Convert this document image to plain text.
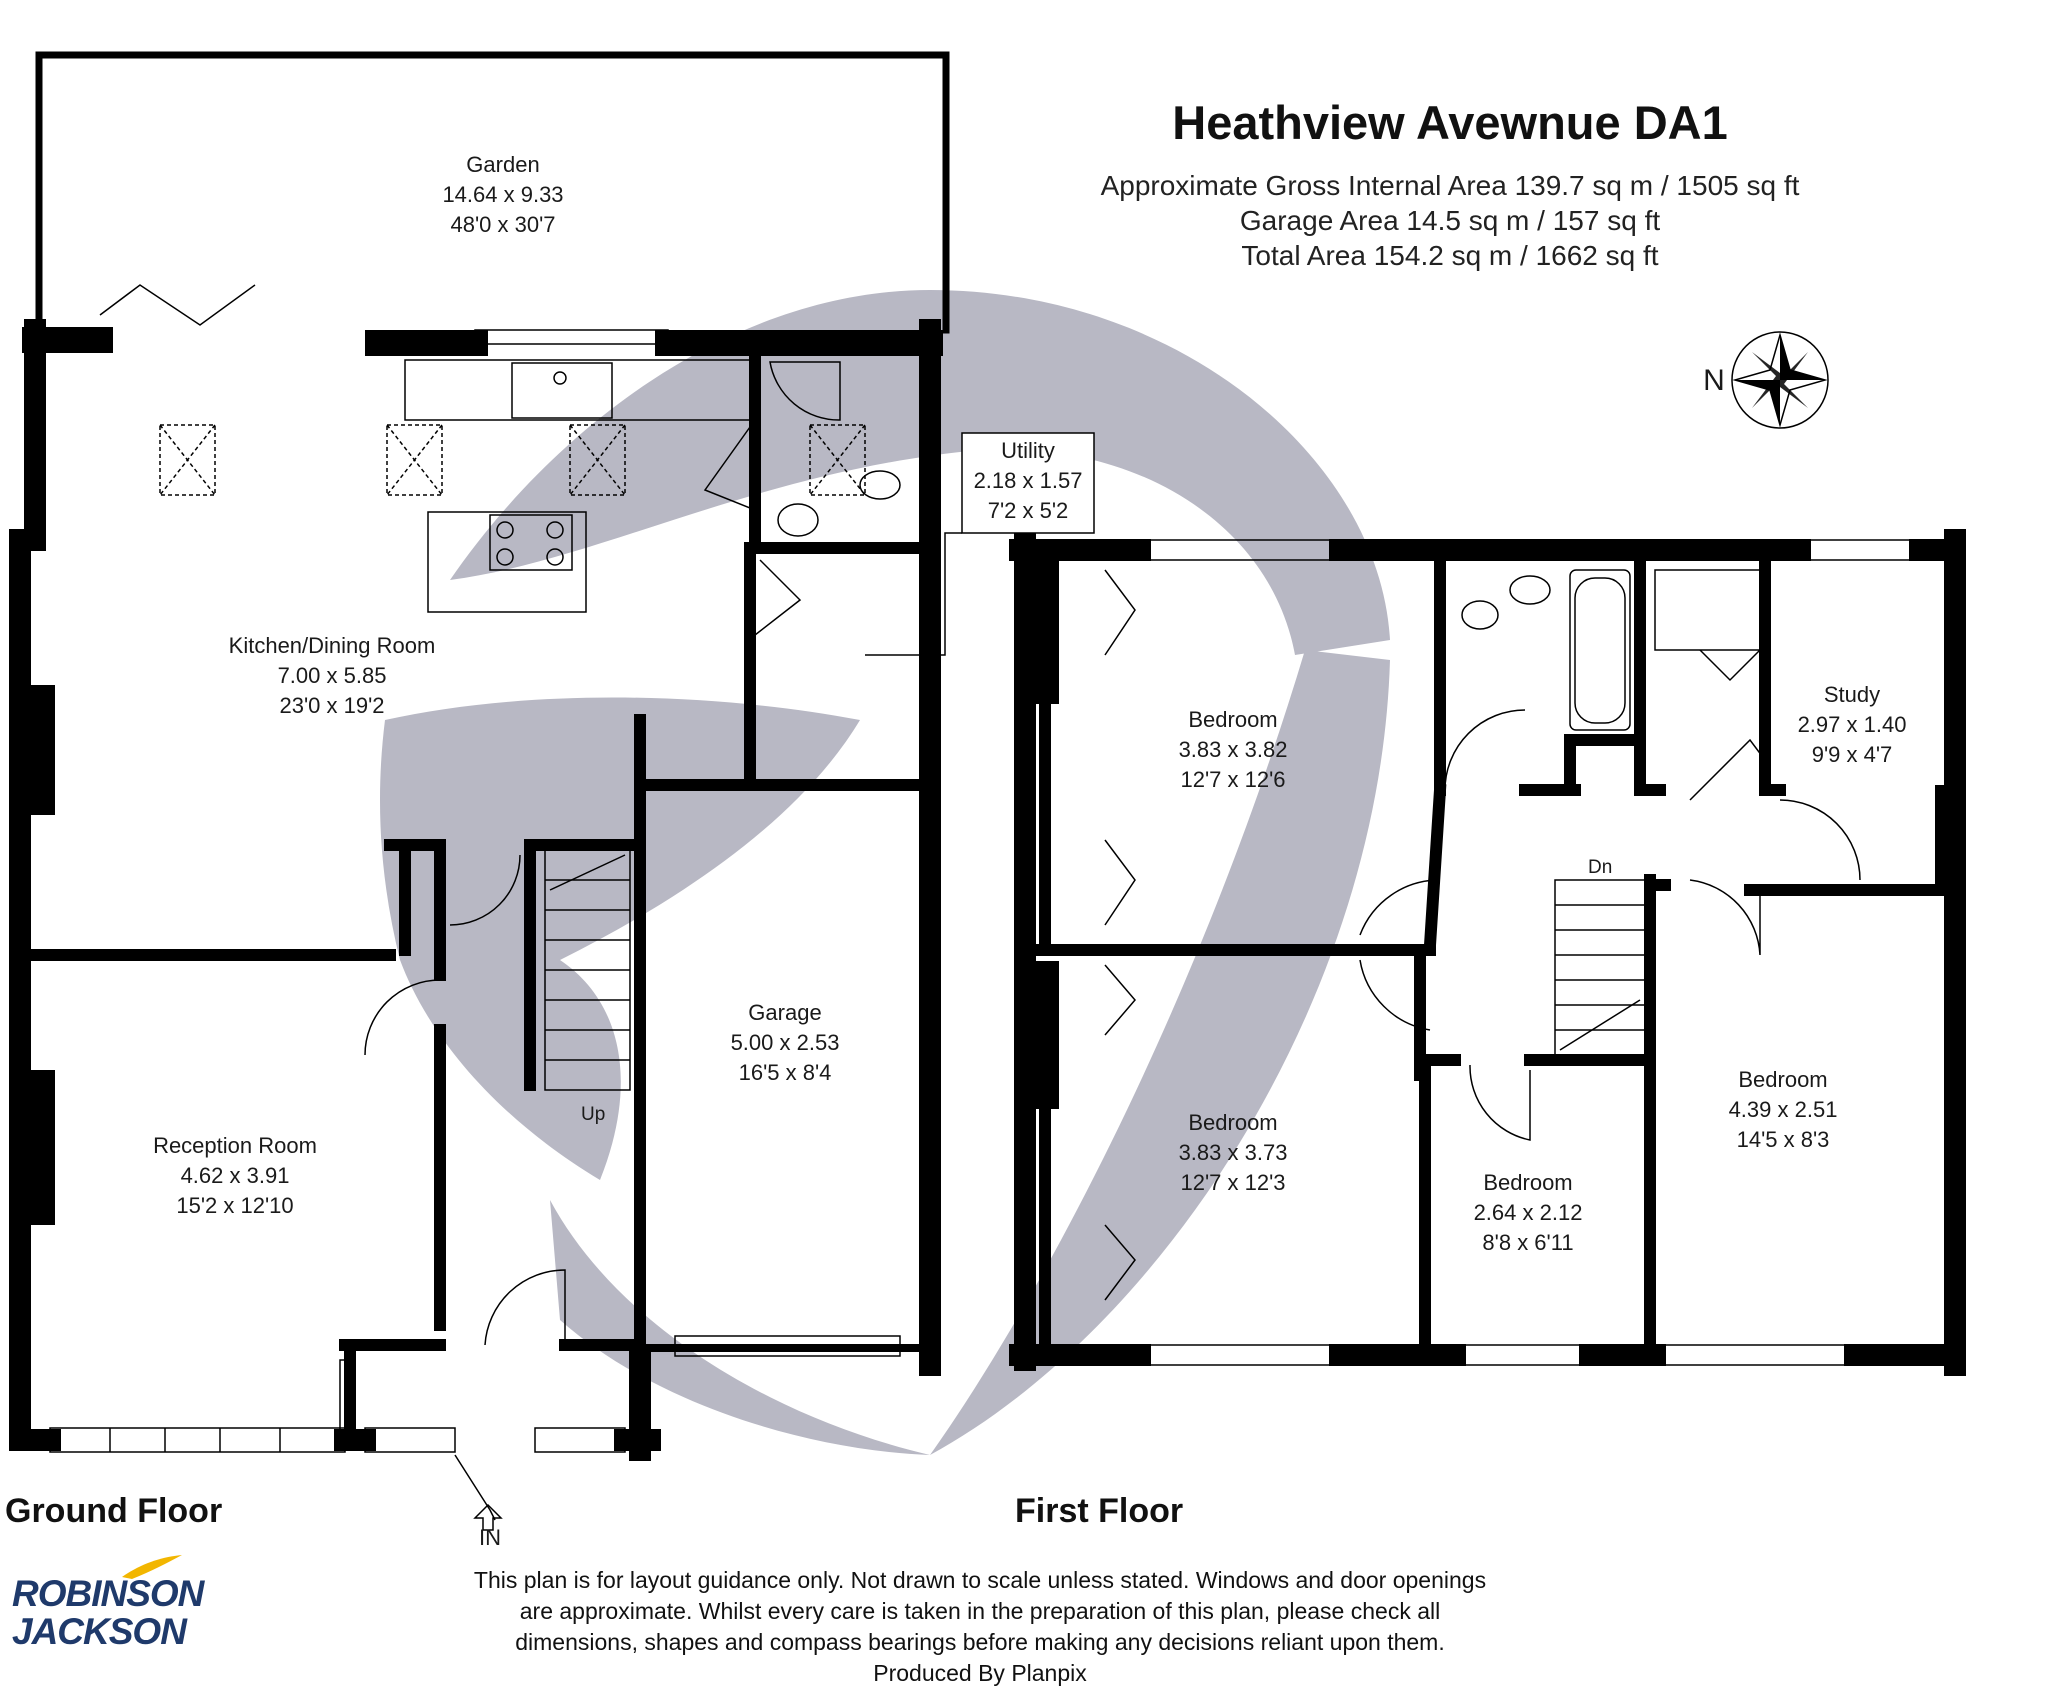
N
Garden
14.64 x 9.33
48'0 x 30'7
Kitchen/Dining Room
7.00 x 5.85
23'0 x 19'2
Utility
2.18 x 1.57
7'2 x 5'2
Garage
5.00 x 2.53
16'5 x 8'4
Reception Room
4.62 x 3.91
15'2 x 12'10
Bedroom
3.83 x 3.82
12'7 x 12'6
Bedroom
3.83 x 3.73
12'7 x 12'3	Bedroom
2.64 x 2.12
8'8 x 6'11
Bedroom
4.39 x 2.51
14'5 x 8'3
Study
2.97 x 1.40
9'9 x 4'7
Up
Dn
IN
Heathview Avewnue DA1
Approximate Gross Internal Area 139.7 sq m / 1505 sq ft
Garage Area 14.5 sq m / 157 sq ft
Total Area 154.2 sq m / 1662 sq ft
Ground Floor	First Floor
ROBINSON
JACKSON
This plan is for layout guidance only. Not drawn to scale unless stated. Windows and door openings
are approximate. Whilst every care is taken in the preparation of this plan, please check all
dimensions, shapes and compass bearings before making any decisions reliant upon them.
Produced By Planpix
